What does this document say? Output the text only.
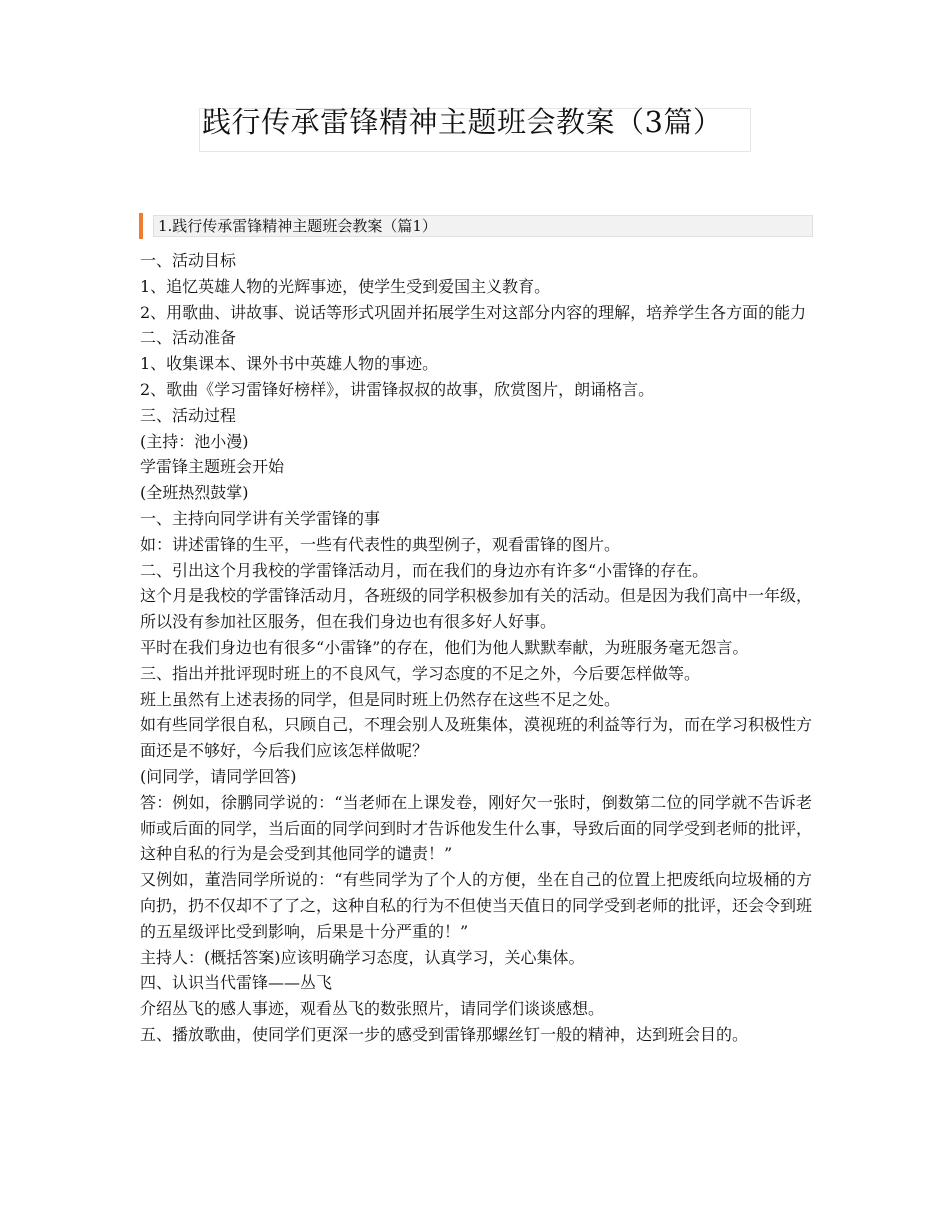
践行传承雷锋精神主题班会教案（3篇）
1.践行传承雷锋精神主题班会教案（篇1）

一、活动目标

1、追忆英雄人物的光辉事迹，使学生受到爱国主义教育。

2、用歌曲、讲故事、说话等形式巩固并拓展学生对这部分内容的理解，培养学生各方面的能力

二、活动准备

1、收集课本、课外书中英雄人物的事迹。

2、歌曲《学习雷锋好榜样》，讲雷锋叔叔的故事，欣赏图片，朗诵格言。

三、活动过程

(主持：池小漫)

学雷锋主题班会开始

(全班热烈鼓掌)

一、主持向同学讲有关学雷锋的事

如：讲述雷锋的生平，一些有代表性的典型例子，观看雷锋的图片。

二、引出这个月我校的学雷锋活动月，而在我们的身边亦有许多“小雷锋的存在。

这个月是我校的学雷锋活动月，各班级的同学积极参加有关的活动。但是因为我们高中一年级，所以没有参加社区服务，但在我们身边也有很多好人好事。

平时在我们身边也有很多“小雷锋”的存在，他们为他人默默奉献，为班服务毫无怨言。

三、指出并批评现时班上的不良风气，学习态度的不足之外，今后要怎样做等。

班上虽然有上述表扬的同学，但是同时班上仍然存在这些不足之处。

如有些同学很自私，只顾自己，不理会别人及班集体，漠视班的利益等行为，而在学习积极性方面还是不够好，今后我们应该怎样做呢？

(问同学，请同学回答)

答：例如，徐鹏同学说的：“当老师在上课发卷，刚好欠一张时，倒数第二位的同学就不告诉老师或后面的同学，当后面的同学问到时才告诉他发生什么事，导致后面的同学受到老师的批评，这种自私的行为是会受到其他同学的谴责！”

又例如，董浩同学所说的：“有些同学为了个人的方便，坐在自己的位置上把废纸向垃圾桶的方向扔，扔不仅却不了了之，这种自私的行为不但使当天值日的同学受到老师的批评，还会令到班的五星级评比受到影响，后果是十分严重的！”

主持人：(概括答案)应该明确学习态度，认真学习，关心集体。

四、认识当代雷锋——丛飞

介绍丛飞的感人事迹，观看丛飞的数张照片，请同学们谈谈感想。

五、播放歌曲，使同学们更深一步的感受到雷锋那螺丝钉一般的精神，达到班会目的。
